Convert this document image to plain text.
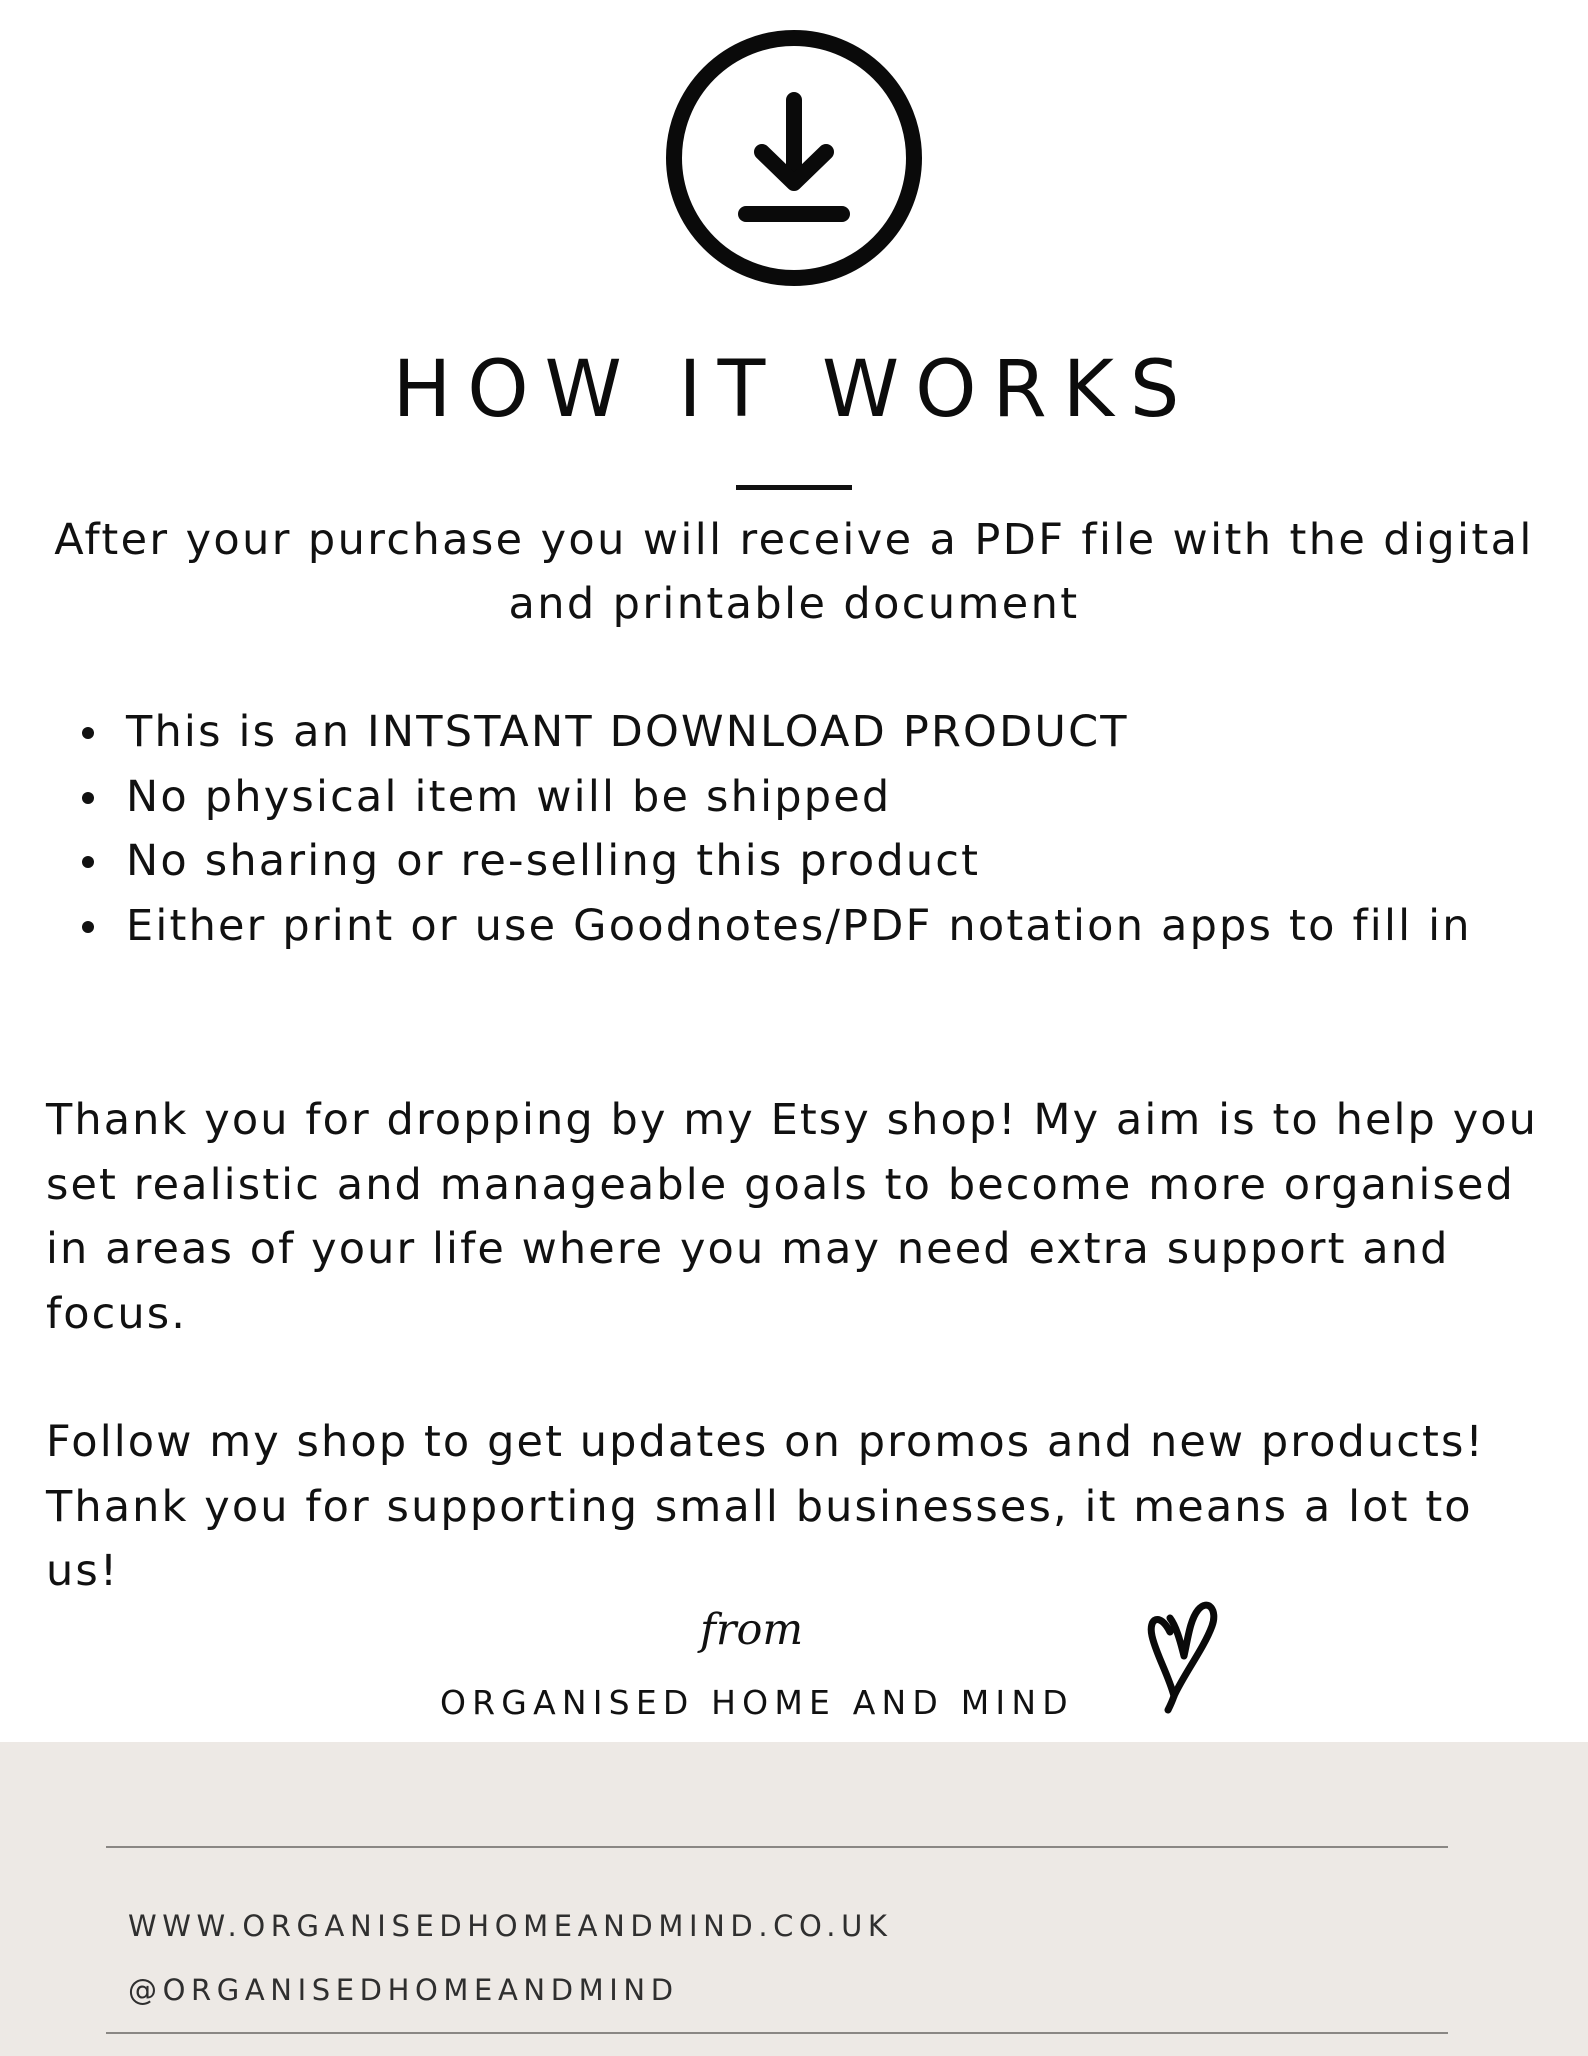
HOW IT WORKS

After your purchase you will receive a PDF file with the digital and printable document

This is an INTSTANT DOWNLOAD PRODUCT
No physical item will be shipped
No sharing or re-selling this product
Either print or use Goodnotes/PDF notation apps to fill in

Thank you for dropping by my Etsy shop! My aim is to help you set realistic and manageable goals to become more organised in areas of your life where you may need extra support and focus.

Follow my shop to get updates on promos and new products! Thank you for supporting small businesses, it means a lot to us!

from
ORGANISED HOME AND MIND
WWW.ORGANISEDHOMEANDMIND.CO.UK
@ORGANISEDHOMEANDMIND
